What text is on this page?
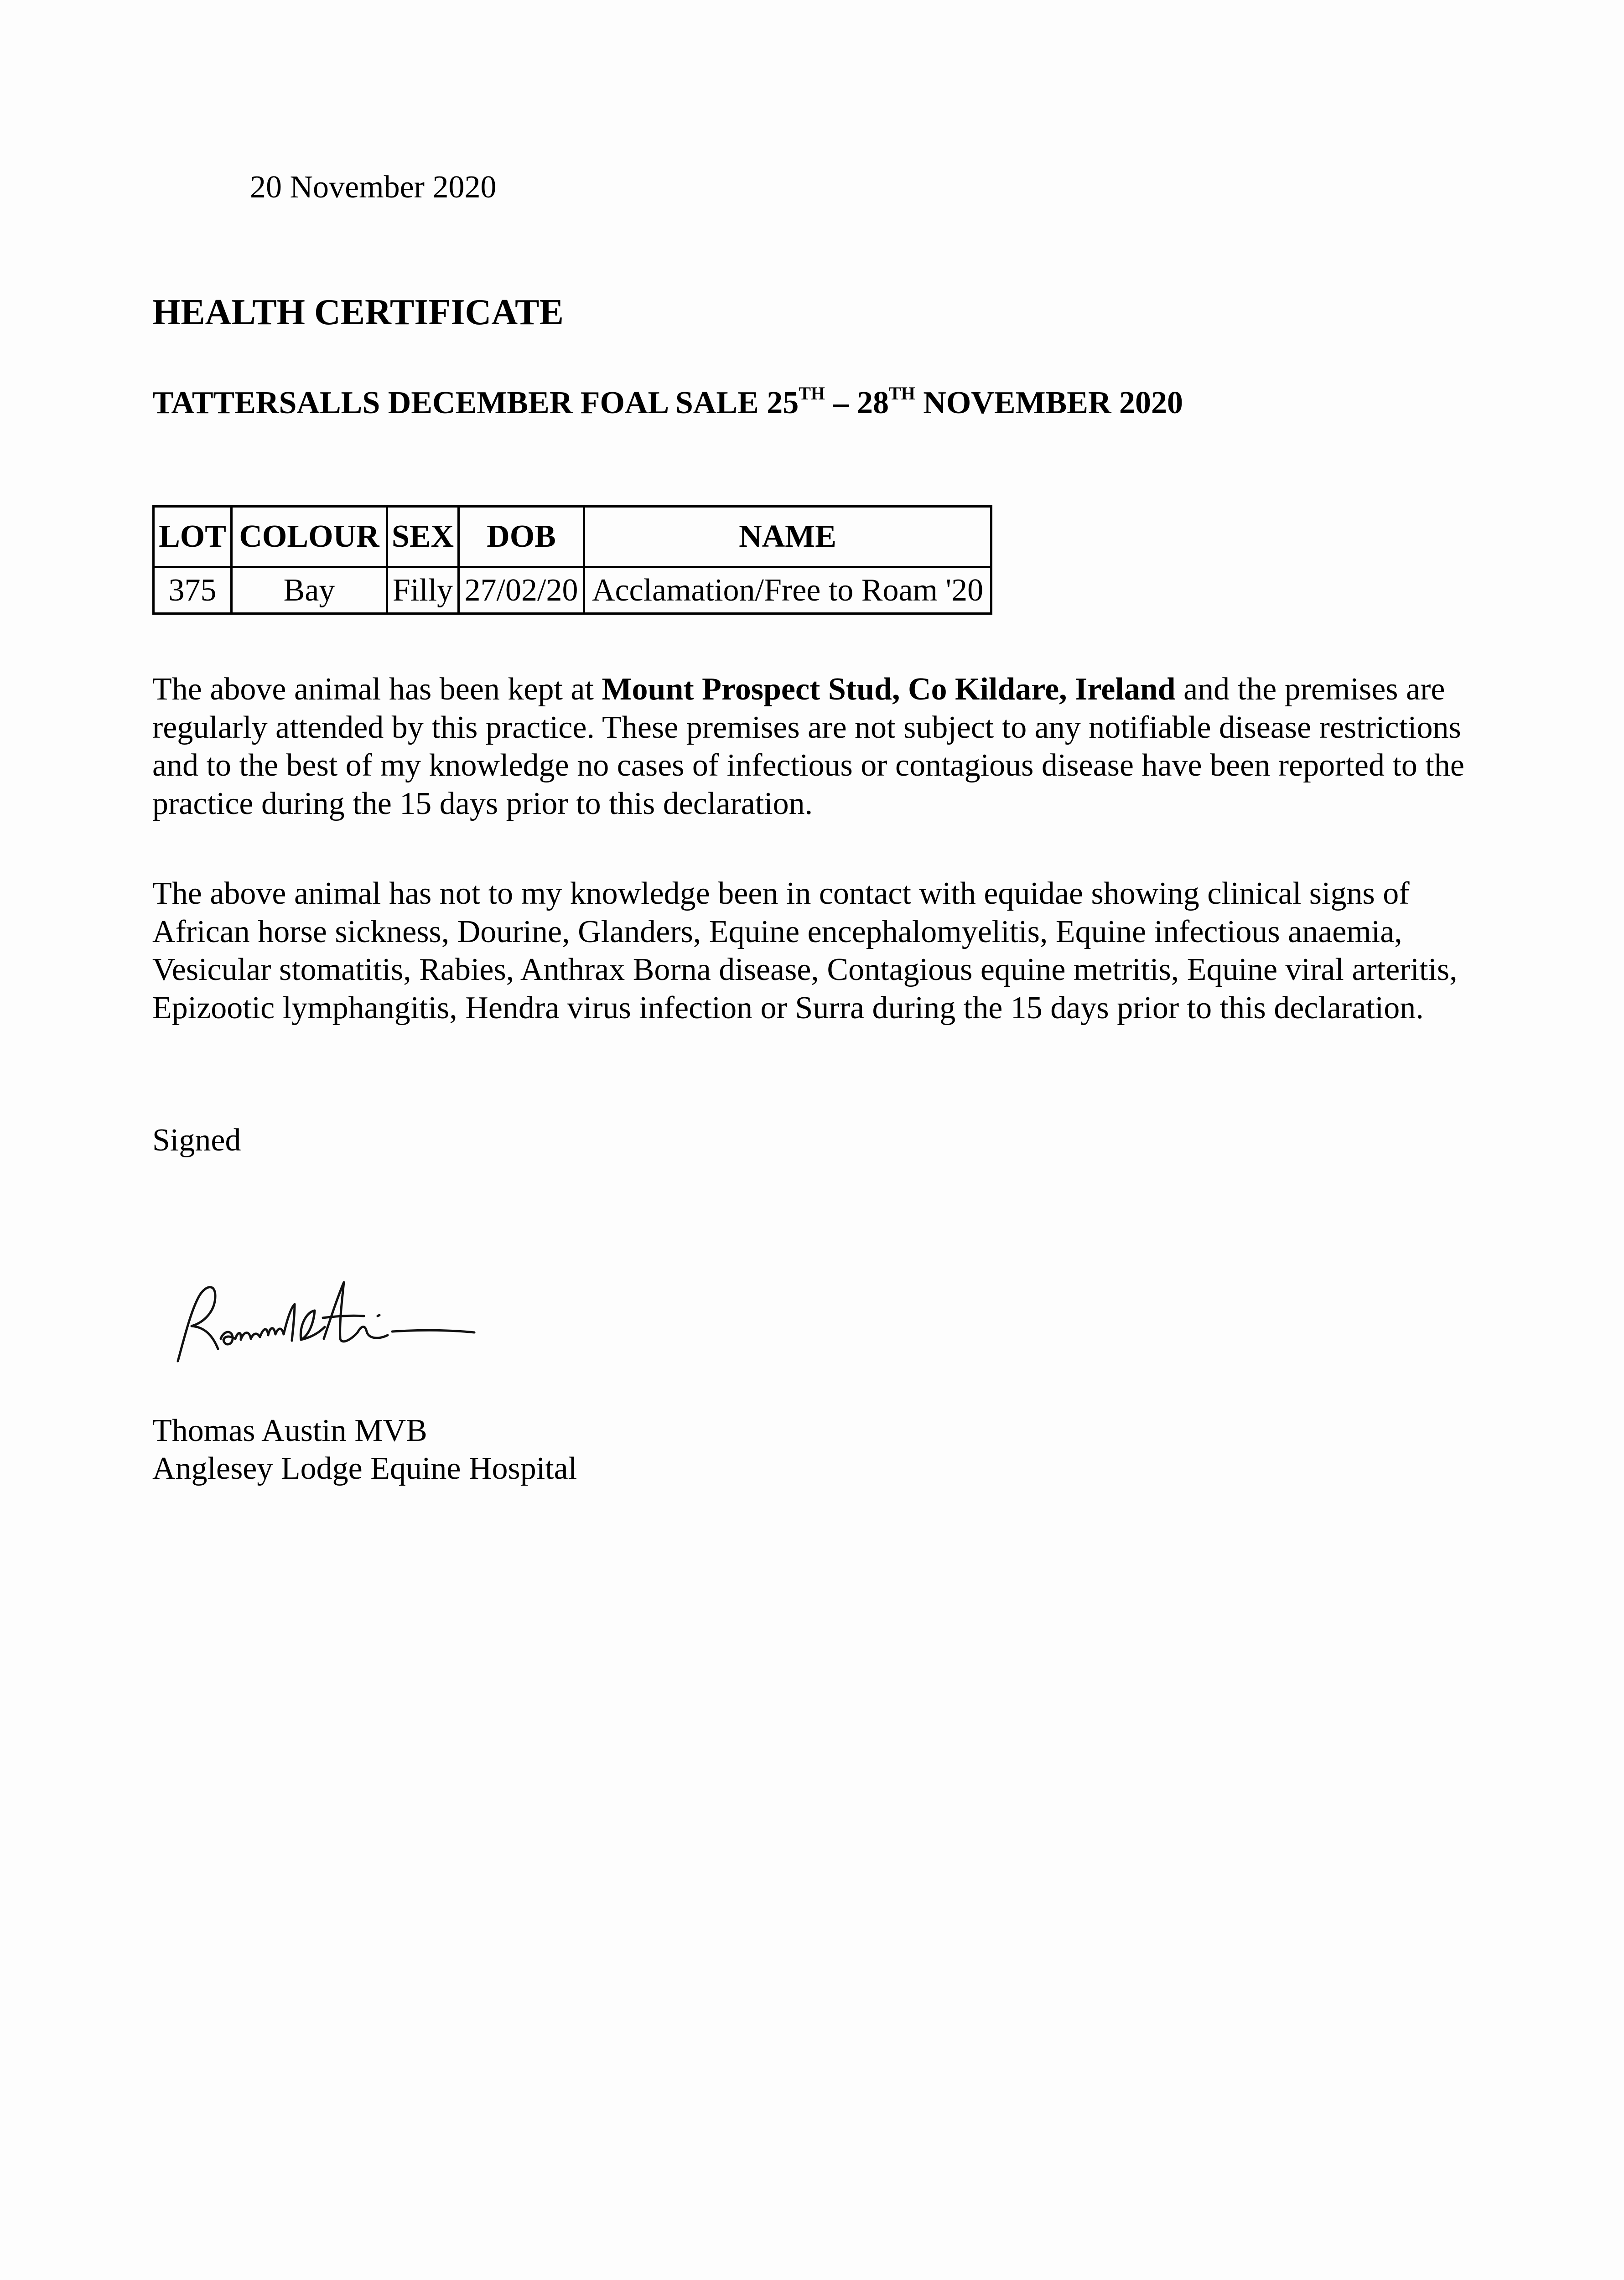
20 November 2020
HEALTH CERTIFICATE
TATTERSALLS DECEMBER FOAL SALE 25TH – 28TH NOVEMBER 2020
LOT	COLOUR	SEX	DOB	NAME
375	Bay	Filly	27/02/20	Acclamation/Free to Roam '20

The above animal has been kept at Mount Prospect Stud, Co Kildare, Ireland and the premises are regularly attended by this practice. These premises are not subject to any notifiable disease restrictions and to the best of my knowledge no cases of infectious or contagious disease have been reported to the practice during the 15 days prior to this declaration.

The above animal has not to my knowledge been in contact with equidae showing clinical signs of African horse sickness, Dourine, Glanders, Equine encephalomyelitis, Equine infectious anaemia, Vesicular stomatitis, Rabies, Anthrax Borna disease, Contagious equine metritis, Equine viral arteritis, Epizootic lymphangitis, Hendra virus infection or Surra during the 15 days prior to this declaration.

Signed
Thomas Austin MVB
Anglesey Lodge Equine Hospital
